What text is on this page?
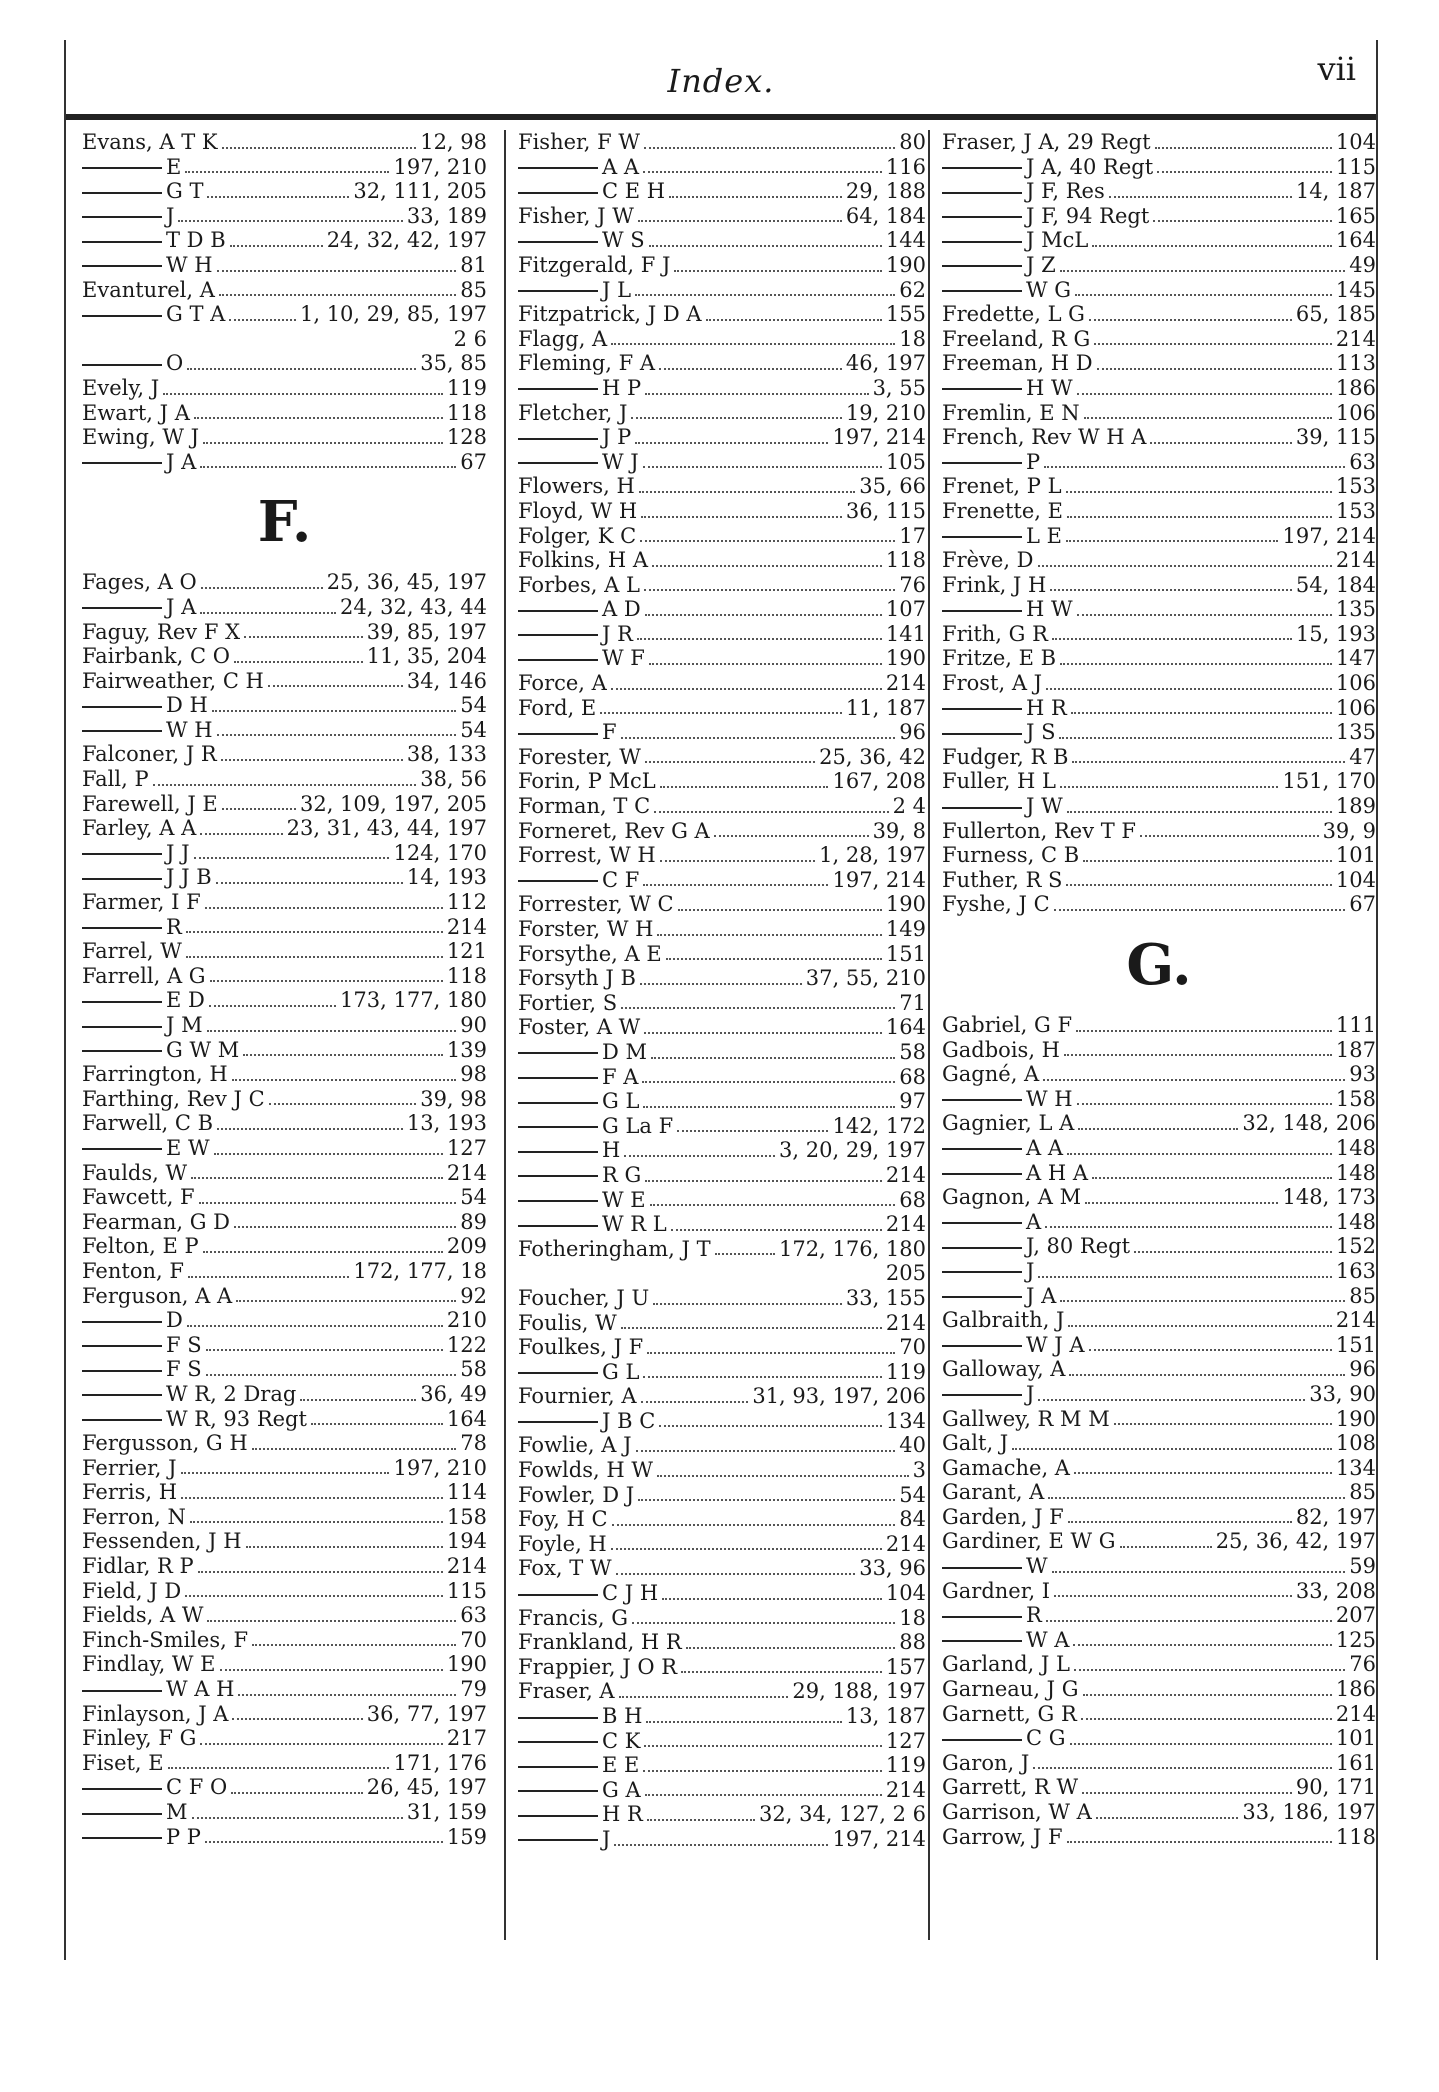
Index.	vii
Evans, A T K	12, 98
E	197, 210
G T	32, 111, 205
J	33, 189
T D B	24, 32, 42, 197
W H	81
Evanturel, A	85
G T A	1, 10, 29, 85, 197
2 6
O	35, 85
Evely, J	119
Ewart, J A	118
Ewing, W J	128
J A	67
F.
Fages, A O	25, 36, 45, 197
J A	24, 32, 43, 44
Faguy, Rev F X	39, 85, 197
Fairbank, C O	11, 35, 204
Fairweather, C H	34, 146
D H	54
W H	54
Falconer, J R	38, 133
Fall, P	38, 56
Farewell, J E	32, 109, 197, 205
Farley, A A	23, 31, 43, 44, 197
J J	124, 170
J J B	14, 193
Farmer, I F	112
R	214
Farrel, W	121
Farrell, A G	118
E D	173, 177, 180
J M	90
G W M	139
Farrington, H	98
Farthing, Rev J C	39, 98
Farwell, C B	13, 193
E W	127
Faulds, W	214
Fawcett, F	54
Fearman, G D	89
Felton, E P	209
Fenton, F	172, 177, 18
Ferguson, A A	92
D	210
F S	122
F S	58
W R, 2 Drag	36, 49
W R, 93 Regt	164
Fergusson, G H	78
Ferrier, J	197, 210
Ferris, H	114
Ferron, N	158
Fessenden, J H	194
Fidlar, R P	214
Field, J D	115
Fields, A W	63
Finch-Smiles, F	70
Findlay, W E	190
W A H	79
Finlayson, J A	36, 77, 197
Finley, F G	217
Fiset, E	171, 176
C F O	26, 45, 197
M	31, 159
P P	159
Fisher, F W	80
A A	116
C E H	29, 188
Fisher, J W	64, 184
W S	144
Fitzgerald, F J	190
J L	62
Fitzpatrick, J D A	155
Flagg, A	18
Fleming, F A	46, 197
H P	3, 55
Fletcher, J	19, 210
J P	197, 214
W J	105
Flowers, H	35, 66
Floyd, W H	36, 115
Folger, K C	17
Folkins, H A	118
Forbes, A L	76
A D	107
J R	141
W F	190
Force, A	214
Ford, E	11, 187
F	96
Forester, W	25, 36, 42
Forin, P McL	167, 208
Forman, T C	2 4
Forneret, Rev G A	39, 8
Forrest, W H	1, 28, 197
C F	197, 214
Forrester, W C	190
Forster, W H	149
Forsythe, A E	151
Forsyth J B	37, 55, 210
Fortier, S	71
Foster, A W	164
D M	58
F A	68
G L	97
G La F	142, 172
H	3, 20, 29, 197
R G	214
W E	68
W R L	214
Fotheringham, J T	172, 176, 180
205
Foucher, J U	33, 155
Foulis, W	214
Foulkes, J F	70
G L	119
Fournier, A	31, 93, 197, 206
J B C	134
Fowlie, A J	40
Fowlds, H W	3
Fowler, D J	54
Foy, H C	84
Foyle, H	214
Fox, T W	33, 96
C J H	104
Francis, G	18
Frankland, H R	88
Frappier, J O R	157
Fraser, A	29, 188, 197
B H	13, 187
C K	127
E E	119
G A	214
H R	32, 34, 127, 2 6
J	197, 214
Fraser, J A, 29 Regt	104
J A, 40 Regt	115
J F, Res	14, 187
J F, 94 Regt	165
J McL	164
J Z	49
W G	145
Fredette, L G	65, 185
Freeland, R G	214
Freeman, H D	113
H W	186
Fremlin, E N	106
French, Rev W H A	39, 115
P	63
Frenet, P L	153
Frenette, E	153
L E	197, 214
Frève, D	214
Frink, J H	54, 184
H W	135
Frith, G R	15, 193
Fritze, E B	147
Frost, A J	106
H R	106
J S	135
Fudger, R B	47
Fuller, H L	151, 170
J W	189
Fullerton, Rev T F	39, 9
Furness, C B	101
Futher, R S	104
Fyshe, J C	67
G.
Gabriel, G F	111
Gadbois, H	187
Gagné, A	93
W H	158
Gagnier, L A	32, 148, 206
A A	148
A H A	148
Gagnon, A M	148, 173
A	148
J, 80 Regt	152
J	163
J A	85
Galbraith, J	214
W J A	151
Galloway, A	96
J	33, 90
Gallwey, R M M	190
Galt, J	108
Gamache, A	134
Garant, A	85
Garden, J F	82, 197
Gardiner, E W G	25, 36, 42, 197
W	59
Gardner, I	33, 208
R	207
W A	125
Garland, J L	76
Garneau, J G	186
Garnett, G R	214
C G	101
Garon, J	161
Garrett, R W	90, 171
Garrison, W A	33, 186, 197
Garrow, J F	118
